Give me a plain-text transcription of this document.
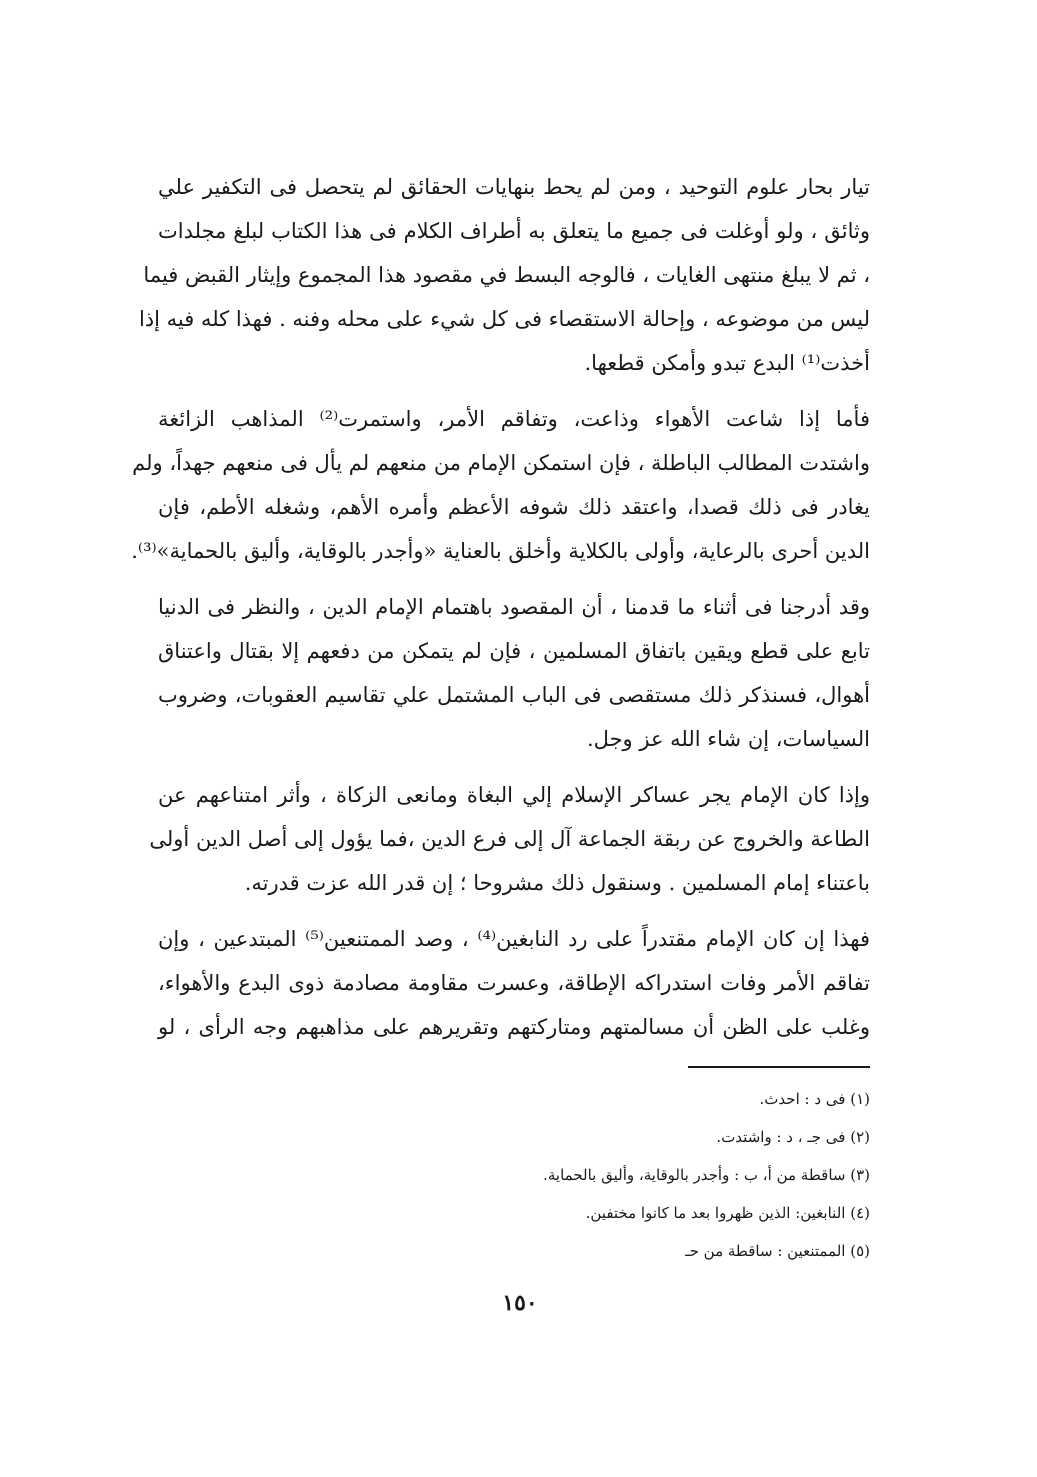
تيار بحار علوم التوحيد ، ومن لم يحط بنهايات الحقائق لم يتحصل فى التكفير علي
وثائق ، ولو أوغلت فى جميع ما يتعلق به أطراف الكلام فى هذا الكتاب لبلغ مجلدات
، ثم لا يبلغ منتهى الغايات ، فالوجه البسط في مقصود هذا المجموع وإيثار القبض فيما
ليس من موضوعه ، وإحالة الاستقصاء فى كل شيء على محله وفنه . فهذا كله فيه إذا
أخذت⁽¹⁾ البدع تبدو وأمكن قطعها.

فأما إذا شاعت الأهواء وذاعت، وتفاقم الأمر، واستمرت⁽²⁾ المذاهب الزائغة
واشتدت المطالب الباطلة ، فإن استمكن الإمام من منعهم لم يأل فى منعهم جهداً، ولم
يغادر فى ذلك قصدا، واعتقد ذلك شوفه الأعظم وأمره الأهم، وشغله الأطم، فإن
الدين أحرى بالرعاية، وأولى بالكلاية وأخلق بالعناية «وأجدر بالوقاية، وأليق بالحماية»⁽³⁾.

وقد أدرجنا فى أثناء ما قدمنا ، أن المقصود باهتمام الإمام الدين ، والنظر فى الدنيا
تابع على قطع ويقين باتفاق المسلمين ، فإن لم يتمكن من دفعهم إلا بقتال واعتناق
أهوال، فسنذكر ذلك مستقصى فى الباب المشتمل علي تقاسيم العقوبات، وضروب
السياسات، إن شاء الله عز وجل.

وإذا كان الإمام يجر عساكر الإسلام إلي البغاة ومانعى الزكاة ، وأثر امتناعهم عن
الطاعة والخروج عن ربقة الجماعة آل إلى فرع الدين ،فما يؤول إلى أصل الدين أولى
باعتناء إمام المسلمين . وسنقول ذلك مشروحا ؛ إن قدر الله عزت قدرته.

فهذا إن كان الإمام مقتدراً على رد النابغين⁽⁴⁾ ، وصد الممتنعين⁽⁵⁾ المبتدعين ، وإن
تفاقم الأمر وفات استدراكه الإطاقة، وعسرت مقاومة مصادمة ذوى البدع والأهواء،
وغلب على الظن أن مسالمتهم ومتاركتهم وتقريرهم على مذاهبهم وجه الرأى ، لو

(١) فى د : احدث.
(٢) فى جـ ، د : واشتدت.
(٣) ساقطة من أ، ب : وأجدر بالوقاية، وأليق بالحماية.
(٤) النابغين: الذين ظهروا بعد ما كانوا مختفين.
(٥) الممتنعين : ساقطة من حـ
١٥٠
